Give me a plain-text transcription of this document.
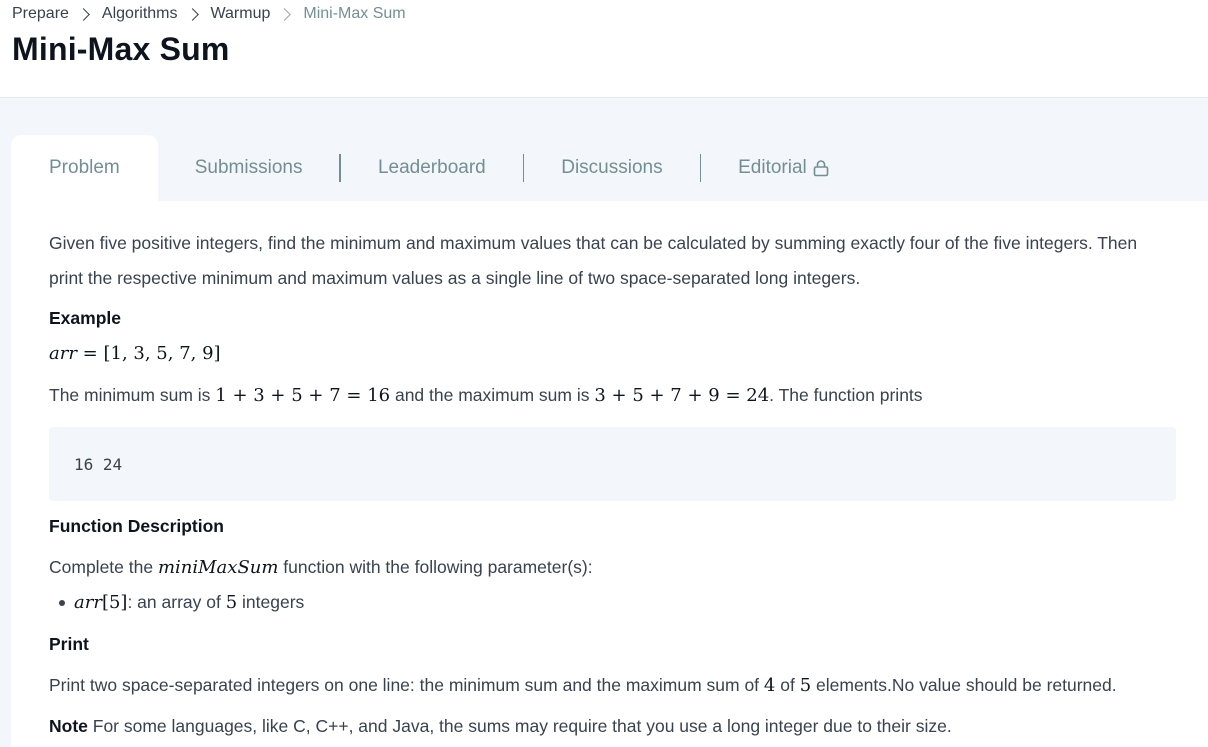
Prepare Algorithms Warmup Mini-Max Sum
Mini-Max Sum
Problem	Submissions	Leaderboard	Discussions	Editorial

Given five positive integers, find the minimum and maximum values that can be calculated by summing exactly four of the five integers. Then print the respective minimum and maximum values as a single line of two space-separated long integers.

Example
arr = [1, 3, 5, 7, 9]
The minimum sum is 1 + 3 + 5 + 7 = 16 and the maximum sum is 3 + 5 + 7 + 9 = 24. The function prints
16 24
Function Description
Complete the miniMaxSum function with the following parameter(s):
arr[5]: an array of 5 integers
Print
Print two space-separated integers on one line: the minimum sum and the maximum sum of 4 of 5 elements.No value should be returned.
Note For some languages, like C, C++, and Java, the sums may require that you use a long integer due to their size.
